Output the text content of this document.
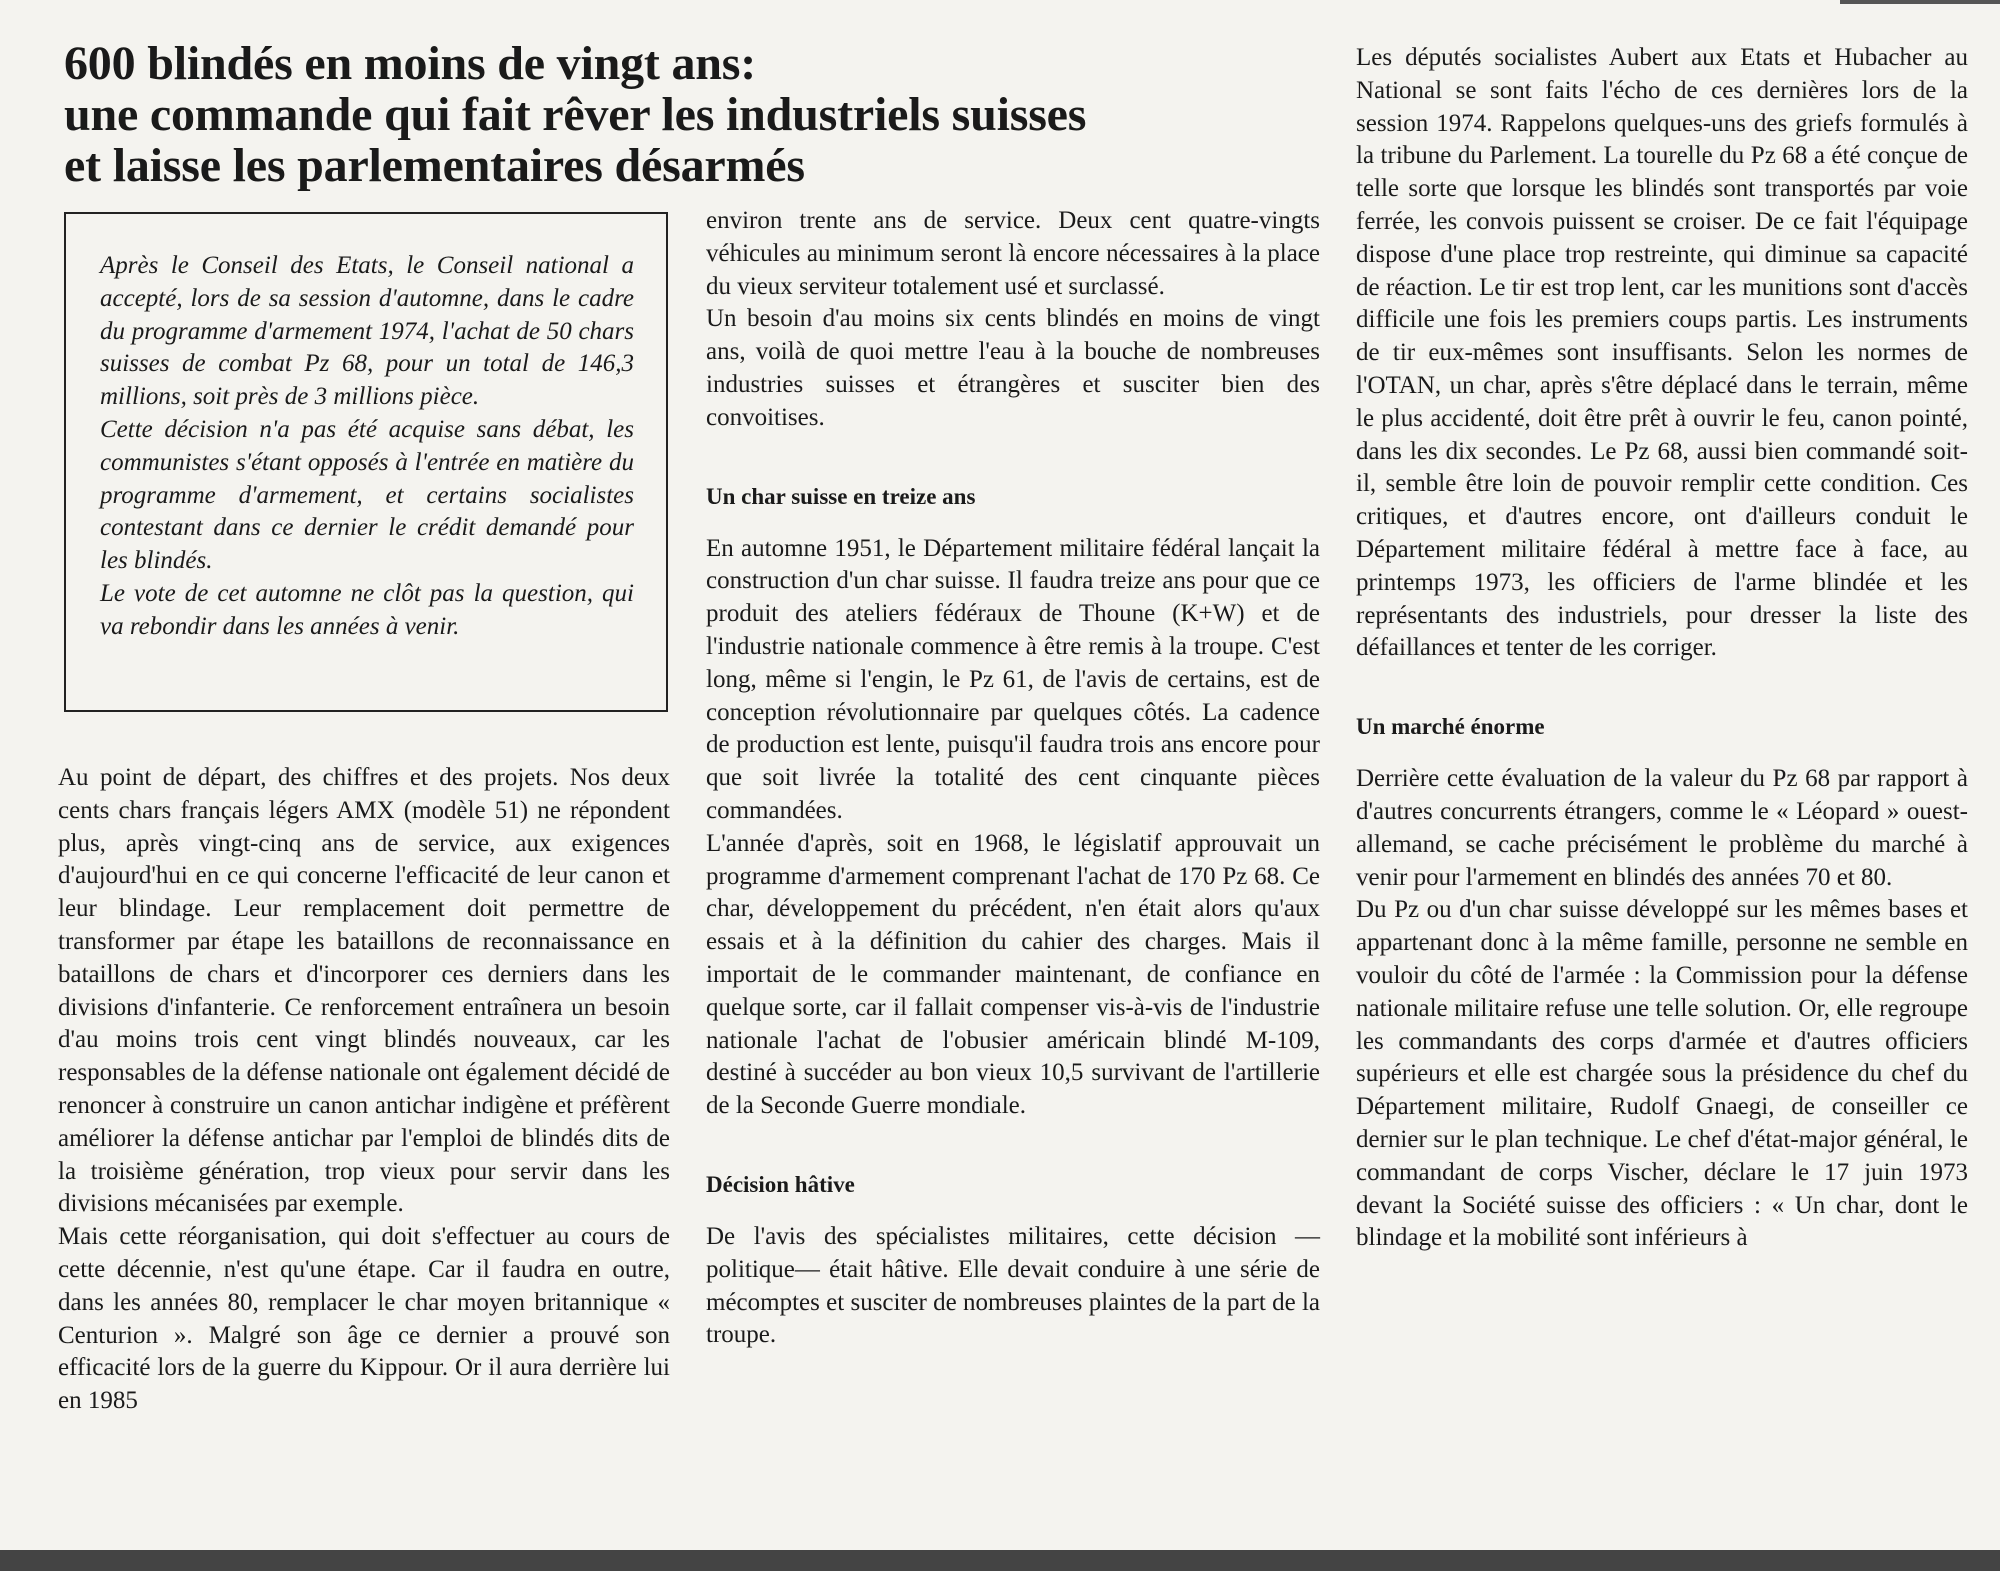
600 blindés en moins de vingt ans:
une commande qui fait rêver les industriels suisses
et laisse les parlementaires désarmés

Après le Conseil des Etats, le Conseil national a accepté, lors de sa session d'automne, dans le cadre du programme d'armement 1974, l'achat de 50 chars suisses de combat Pz 68, pour un total de 146,3 millions, soit près de 3 millions pièce.

Cette décision n'a pas été acquise sans débat, les communistes s'étant opposés à l'entrée en matière du programme d'armement, et certains socialistes contestant dans ce dernier le crédit demandé pour les blindés.

Le vote de cet automne ne clôt pas la question, qui va rebondir dans les années à venir.

Au point de départ, des chiffres et des projets. Nos deux cents chars français légers AMX (modèle 51) ne répondent plus, après vingt-cinq ans de service, aux exigences d'aujourd'hui en ce qui concerne l'efficacité de leur canon et leur blindage. Leur remplacement doit permettre de transformer par étape les bataillons de reconnaissance en bataillons de chars et d'incorporer ces derniers dans les divisions d'infanterie. Ce renforcement entraînera un besoin d'au moins trois cent vingt blindés nouveaux, car les responsables de la défense nationale ont également décidé de renoncer à construire un canon antichar indigène et préfèrent améliorer la défense antichar par l'emploi de blindés dits de la troisième génération, trop vieux pour servir dans les divisions mécanisées par exemple.

Mais cette réorganisation, qui doit s'effectuer au cours de cette décennie, n'est qu'une étape. Car il faudra en outre, dans les années 80, remplacer le char moyen britannique « Centurion ». Malgré son âge ce dernier a prouvé son efficacité lors de la guerre du Kippour. Or il aura derrière lui en 1985

environ trente ans de service. Deux cent quatre-vingts véhicules au minimum seront là encore nécessaires à la place du vieux serviteur totalement usé et surclassé.

Un besoin d'au moins six cents blindés en moins de vingt ans, voilà de quoi mettre l'eau à la bouche de nombreuses industries suisses et étrangères et susciter bien des convoitises.

Un char suisse en treize ans

En automne 1951, le Département militaire fédéral lançait la construction d'un char suisse. Il faudra treize ans pour que ce produit des ateliers fédéraux de Thoune (K+W) et de l'industrie nationale commence à être remis à la troupe. C'est long, même si l'engin, le Pz 61, de l'avis de certains, est de conception révolutionnaire par quelques côtés. La cadence de production est lente, puisqu'il faudra trois ans encore pour que soit livrée la totalité des cent cinquante pièces commandées.

L'année d'après, soit en 1968, le législatif approuvait un programme d'armement comprenant l'achat de 170 Pz 68. Ce char, développement du précédent, n'en était alors qu'aux essais et à la définition du cahier des charges. Mais il importait de le commander maintenant, de confiance en quelque sorte, car il fallait compenser vis-à-vis de l'industrie nationale l'achat de l'obusier américain blindé M-109, destiné à succéder au bon vieux 10,5 survivant de l'artillerie de la Seconde Guerre mondiale.

Décision hâtive

De l'avis des spécialistes militaires, cette décision — politique— était hâtive. Elle devait conduire à une série de mécomptes et susciter de nombreuses plaintes de la part de la troupe.

Les députés socialistes Aubert aux Etats et Hubacher au National se sont faits l'écho de ces dernières lors de la session 1974. Rappelons quelques-uns des griefs formulés à la tribune du Parlement. La tourelle du Pz 68 a été conçue de telle sorte que lorsque les blindés sont transportés par voie ferrée, les convois puissent se croiser. De ce fait l'équipage dispose d'une place trop restreinte, qui diminue sa capacité de réaction. Le tir est trop lent, car les munitions sont d'accès difficile une fois les premiers coups partis. Les instruments de tir eux-mêmes sont insuffisants. Selon les normes de l'OTAN, un char, après s'être déplacé dans le terrain, même le plus accidenté, doit être prêt à ouvrir le feu, canon pointé, dans les dix secondes. Le Pz 68, aussi bien commandé soit-il, semble être loin de pouvoir remplir cette condition. Ces critiques, et d'autres encore, ont d'ailleurs conduit le Département militaire fédéral à mettre face à face, au printemps 1973, les officiers de l'arme blindée et les représentants des industriels, pour dresser la liste des défaillances et tenter de les corriger.

Un marché énorme

Derrière cette évaluation de la valeur du Pz 68 par rapport à d'autres concurrents étrangers, comme le « Léopard » ouest-allemand, se cache précisément le problème du marché à venir pour l'armement en blindés des années 70 et 80.

Du Pz ou d'un char suisse développé sur les mêmes bases et appartenant donc à la même famille, personne ne semble en vouloir du côté de l'armée : la Commission pour la défense nationale militaire refuse une telle solution. Or, elle regroupe les commandants des corps d'armée et d'autres officiers supérieurs et elle est chargée sous la présidence du chef du Département militaire, Rudolf Gnaegi, de conseiller ce dernier sur le plan technique. Le chef d'état-major général, le commandant de corps Vischer, déclare le 17 juin 1973 devant la Société suisse des officiers : « Un char, dont le blindage et la mobilité sont inférieurs à
